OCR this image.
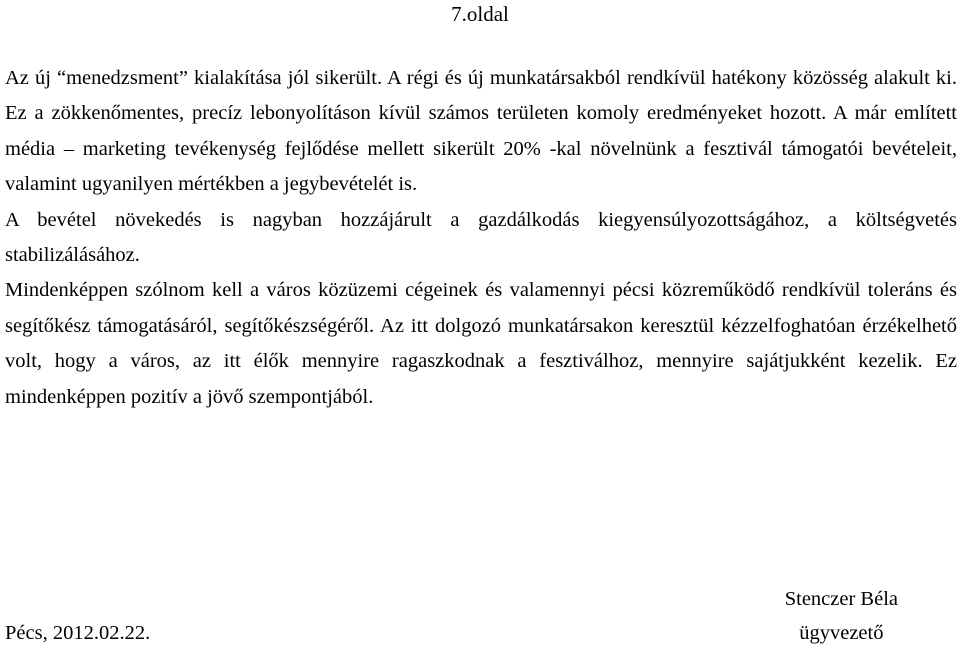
7.oldal

Az új “menedzsment” kialakítása jól sikerült. A régi és új munkatársakból rendkívül hatékony közösség alakult ki. Ez a zökkenőmentes, precíz lebonyolításon kívül számos területen komoly eredményeket hozott. A már említett média – marketing tevékenység fejlődése mellett sikerült 20% -kal növelnünk a fesztivál támogatói bevételeit, valamint ugyanilyen mértékben a jegybevételét is.

A bevétel növekedés is nagyban hozzájárult a gazdálkodás kiegyensúlyozottságához, a költségvetés stabilizálásához.

Mindenképpen szólnom kell a város közüzemi cégeinek és valamennyi pécsi közreműködő rendkívül toleráns és segítőkész támogatásáról, segítőkészségéről. Az itt dolgozó munkatársakon keresztül kézzelfoghatóan érzékelhető volt, hogy a város, az itt élők mennyire ragaszkodnak a fesztiválhoz, mennyire sajátjukként kezelik. Ez mindenképpen pozitív a jövő szempontjából.

Pécs, 2012.02.22.
Stenczer Béla
ügyvezető
